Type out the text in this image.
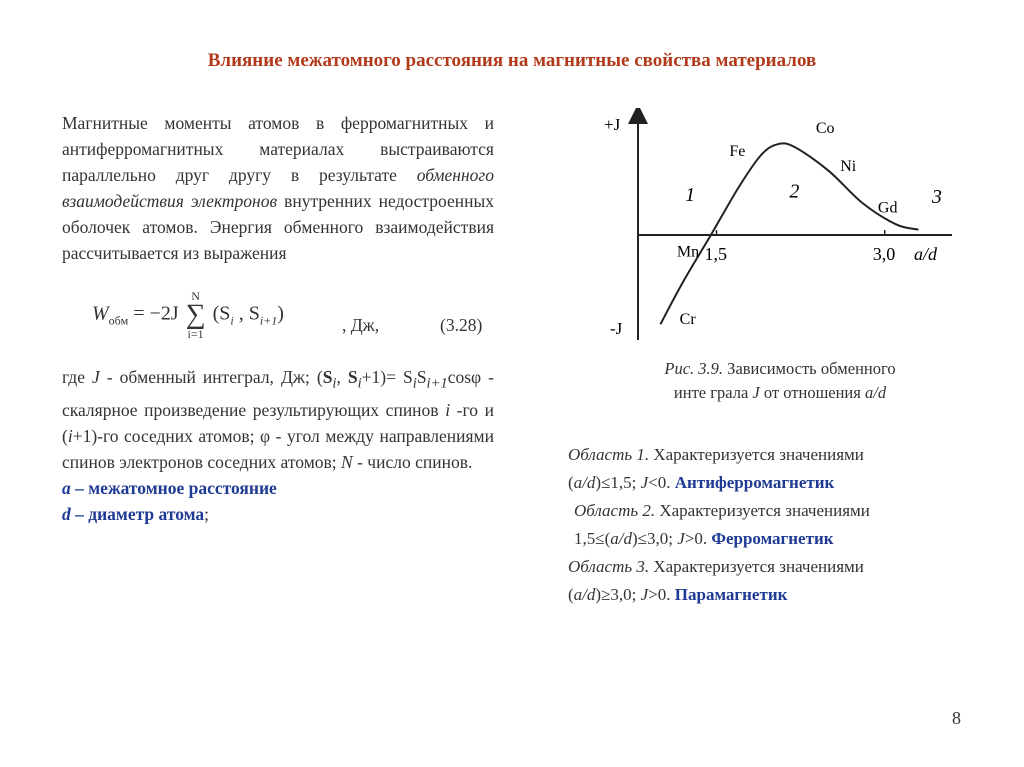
Влияние межатомного расстояния на магнитные свойства материалов

Магнитные моменты атомов в ферромагнитных и антиферромагнитных материалах выстраиваются параллельно друг другу в результате обменного взаимодействия электронов внутренних недостроенных оболочек атомов. Энергия обменного взаимодействия рассчитывается из выражения

$W_{обм} = -2J$ N
∑
i=1 ($S_i$ , $S_{i+1}$)
, Дж,	(3.28)

где J - обменный интеграл, Дж; ($S_i$, $S_i+1)= S_iS_{i+1}\cos\varphi$ - скалярное произведение результирующих спинов i -го и (i+1)-го соседних атомов; φ - угол между направлениями спинов электронов соседних атомов; N - число спинов.

a – межатомное расстояние

d – диаметр атома;

+J
-J
a/d
1,5	3,0
Cr
Mn
Fe
Co
Ni
Gd
1	2	3
Рис. 3.9. Зависимость обменного
инте грала J от отношения a/d

Область 1. Характеризуется значениями
(a/d)≤1,5; J<0. Антиферромагнетик

Область 2. Характеризуется значениями
1,5≤(a/d)≤3,0; J>0. Ферромагнетик

Область 3. Характеризуется значениями
(a/d)≥3,0; J>0. Парамагнетик

8
